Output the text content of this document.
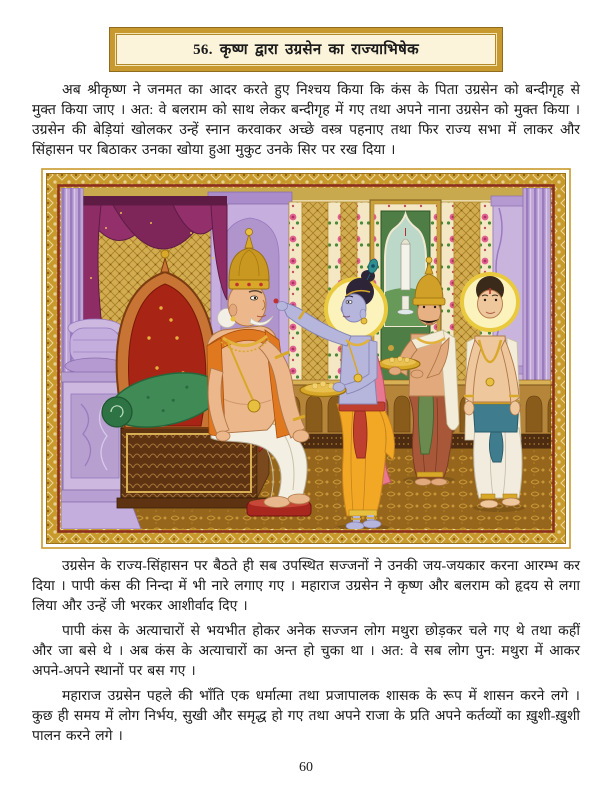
56. कृष्ण द्वारा उग्रसेन का राज्याभिषेक

अब श्रीकृष्ण ने जनमत का आदर करते हुए निश्चय किया कि कंस के पिता उग्रसेन को बन्दीगृह से मुक्त किया जाए । अत: वे बलराम को साथ लेकर बन्दीगृह में गए तथा अपने नाना उग्रसेन को मुक्त किया । उग्रसेन की बेड़ियां खोलकर उन्हें स्नान करवाकर अच्छे वस्त्र पहनाए तथा फिर राज्य सभा में लाकर और सिंहासन पर बिठाकर उनका खोया हुआ मुकुट उनके सिर पर रख दिया ।

उग्रसेन के राज्य-सिंहासन पर बैठते ही सब उपस्थित सज्जनों ने उनकी जय-जयकार करना आरम्भ कर दिया । पापी कंस की निन्दा में भी नारे लगाए गए । महाराज उग्रसेन ने कृष्ण और बलराम को हृदय से लगा लिया और उन्हें जी भरकर आशीर्वाद दिए ।

पापी कंस के अत्याचारों से भयभीत होकर अनेक सज्जन लोग मथुरा छोड़कर चले गए थे तथा कहीं और जा बसे थे । अब कंस के अत्याचारों का अन्त हो चुका था । अत: वे सब लोग पुन: मथुरा में आकर अपने-अपने स्थानों पर बस गए ।

महाराज उग्रसेन पहले की भाँति एक धर्मात्मा तथा प्रजापालक शासक के रूप में शासन करने लगे । कुछ ही समय में लोग निर्भय, सुखी और समृद्ध हो गए तथा अपने राजा के प्रति अपने कर्तव्यों का ख़ुशी-ख़ुशी पालन करने लगे ।

60
